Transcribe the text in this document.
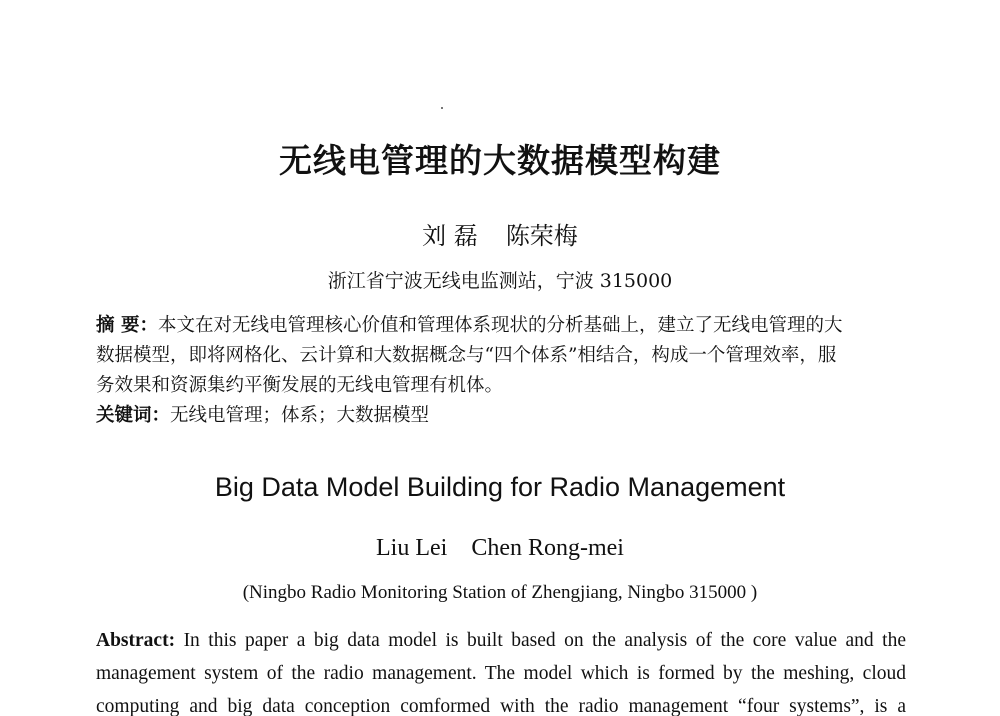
无线电管理的大数据模型构建
刘 磊 陈荣梅
浙江省宁波无线电监测站，宁波 315000
摘 要：本文在对无线电管理核心价值和管理体系现状的分析基础上，建立了无线电管理的大
数据模型，即将网格化、云计算和大数据概念与“四个体系”相结合，构成一个管理效率，服
务效果和资源集约平衡发展的无线电管理有机体。
关键词：无线电管理；体系；大数据模型
Big Data Model Building for Radio Management
Liu Lei Chen Rong-mei
(Ningbo Radio Monitoring Station of Zhengjiang, Ningbo 315000 )
Abstract: In this paper a big data model is built based on the analysis of the core value and the
management system of the radio management. The model which is formed by the meshing, cloud
computing and big data conception comformed with the radio management “four systems”, is a
